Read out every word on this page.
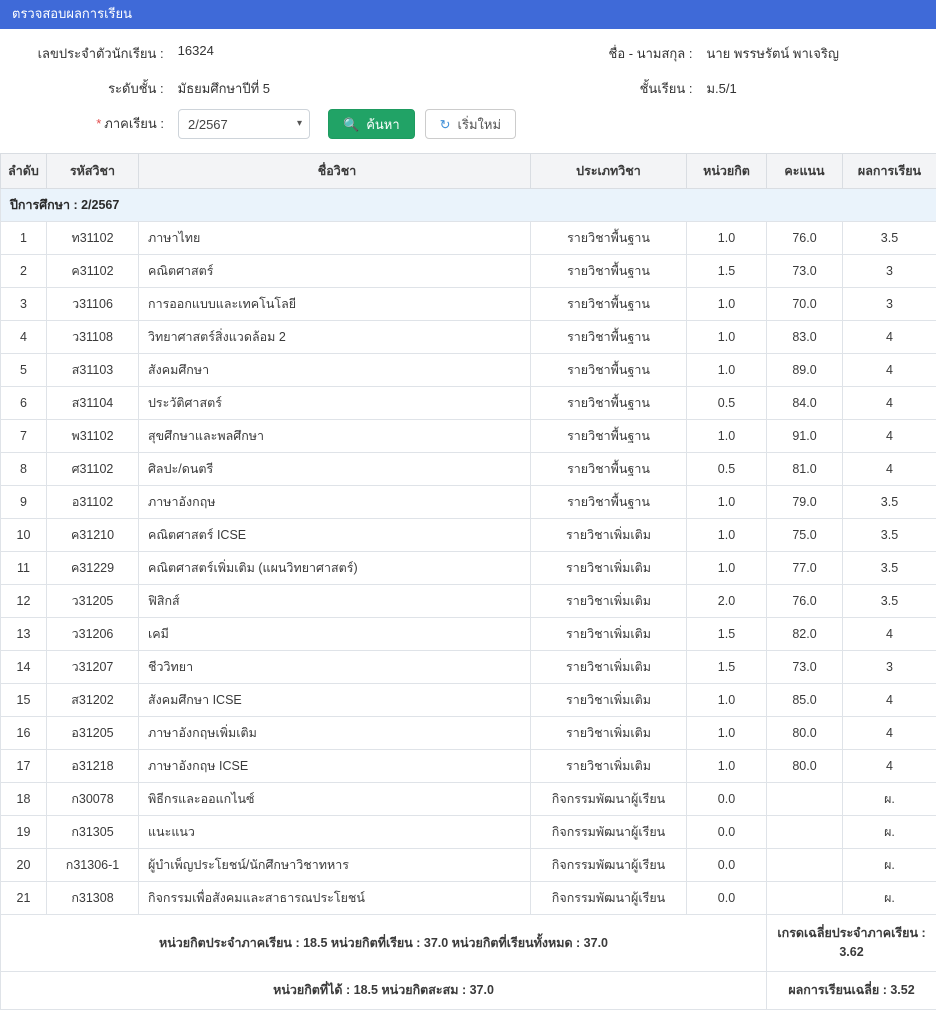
ตรวจสอบผลการเรียน
เลขประจำตัวนักเรียน :	16324	ชื่อ - นามสกุล :	นาย พรรษรัตน์ พาเจริญ
ระดับชั้น :	มัธยมศึกษาปีที่ 5	ชั้นเรียน :	ม.5/1
* ภาคเรียน :
2/2567	▾	🔍 ค้นหา	↻ เริ่มใหม่
ลำดับ	รหัสวิชา	ชื่อวิชา	ประเภทวิชา	หน่วยกิต	คะแนน	ผลการเรียน
ปีการศึกษา : 2/2567						
1	ท31102	ภาษาไทย	รายวิชาพื้นฐาน	1.0	76.0	3.5
2	ค31102	คณิตศาสตร์	รายวิชาพื้นฐาน	1.5	73.0	3
3	ว31106	การออกแบบและเทคโนโลยี	รายวิชาพื้นฐาน	1.0	70.0	3
4	ว31108	วิทยาศาสตร์สิ่งแวดล้อม 2	รายวิชาพื้นฐาน	1.0	83.0	4
5	ส31103	สังคมศึกษา	รายวิชาพื้นฐาน	1.0	89.0	4
6	ส31104	ประวัติศาสตร์	รายวิชาพื้นฐาน	0.5	84.0	4
7	พ31102	สุขศึกษาและพลศึกษา	รายวิชาพื้นฐาน	1.0	91.0	4
8	ศ31102	ศิลปะ/ดนตรี	รายวิชาพื้นฐาน	0.5	81.0	4
9	อ31102	ภาษาอังกฤษ	รายวิชาพื้นฐาน	1.0	79.0	3.5
10	ค31210	คณิตศาสตร์ ICSE	รายวิชาเพิ่มเติม	1.0	75.0	3.5
11	ค31229	คณิตศาสตร์เพิ่มเติม (แผนวิทยาศาสตร์)	รายวิชาเพิ่มเติม	1.0	77.0	3.5
12	ว31205	ฟิสิกส์	รายวิชาเพิ่มเติม	2.0	76.0	3.5
13	ว31206	เคมี	รายวิชาเพิ่มเติม	1.5	82.0	4
14	ว31207	ชีววิทยา	รายวิชาเพิ่มเติม	1.5	73.0	3
15	ส31202	สังคมศึกษา ICSE	รายวิชาเพิ่มเติม	1.0	85.0	4
16	อ31205	ภาษาอังกฤษเพิ่มเติม	รายวิชาเพิ่มเติม	1.0	80.0	4
17	อ31218	ภาษาอังกฤษ ICSE	รายวิชาเพิ่มเติม	1.0	80.0	4
18	ก30078	พิธีกรและออแกไนซ์	กิจกรรมพัฒนาผู้เรียน	0.0		ผ.
19	ก31305	แนะแนว	กิจกรรมพัฒนาผู้เรียน	0.0		ผ.
20	ก31306-1	ผู้บำเพ็ญประโยชน์/นักศึกษาวิชาทหาร	กิจกรรมพัฒนาผู้เรียน	0.0		ผ.
21	ก31308	กิจกรรมเพื่อสังคมและสาธารณประโยชน์	กิจกรรมพัฒนาผู้เรียน	0.0		ผ.
หน่วยกิตประจำภาคเรียน : 18.5 หน่วยกิตที่เรียน : 37.0 หน่วยกิตที่เรียนทั้งหมด : 37.0					เกรดเฉลี่ยประจำภาคเรียน : 3.62	
หน่วยกิตที่ได้ : 18.5 หน่วยกิตสะสม : 37.0					ผลการเรียนเฉลี่ย : 3.52	
